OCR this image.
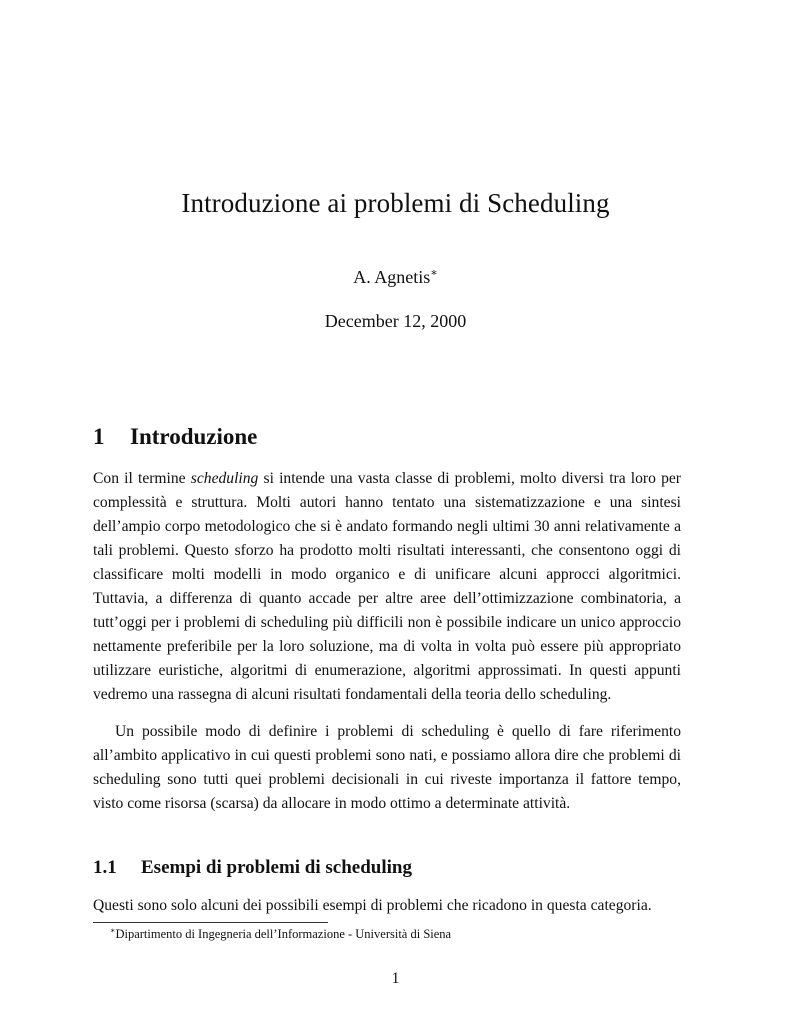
Introduzione ai problemi di Scheduling
A. Agnetis∗
December 12, 2000
1 Introduzione
Con il termine scheduling si intende una vasta classe di problemi, molto diversi tra loro per complessità e struttura. Molti autori hanno tentato una sistematizzazione e una sintesi dell’ampio corpo metodologico che si è andato formando negli ultimi 30 anni relativamente a tali problemi. Questo sforzo ha prodotto molti risultati interessanti, che consentono oggi di classificare molti modelli in modo organico e di unificare alcuni approcci algoritmici. Tuttavia, a differenza di quanto accade per altre aree dell’ottimizzazione combinatoria, a tutt’oggi per i problemi di scheduling più difficili non è possibile indicare un unico approccio nettamente preferibile per la loro soluzione, ma di volta in volta può essere più appropriato utilizzare euristiche, algoritmi di enumerazione, algoritmi approssimati. In questi appunti vedremo una rassegna di alcuni risultati fondamentali della teoria dello scheduling.
Un possibile modo di definire i problemi di scheduling è quello di fare riferimento all’ambito applicativo in cui questi problemi sono nati, e possiamo allora dire che problemi di scheduling sono tutti quei problemi decisionali in cui riveste importanza il fattore tempo, visto come risorsa (scarsa) da allocare in modo ottimo a determinate attività.
1.1 Esempi di problemi di scheduling
Questi sono solo alcuni dei possibili esempi di problemi che ricadono in questa categoria.
∗Dipartimento di Ingegneria dell’Informazione - Università di Siena
1
